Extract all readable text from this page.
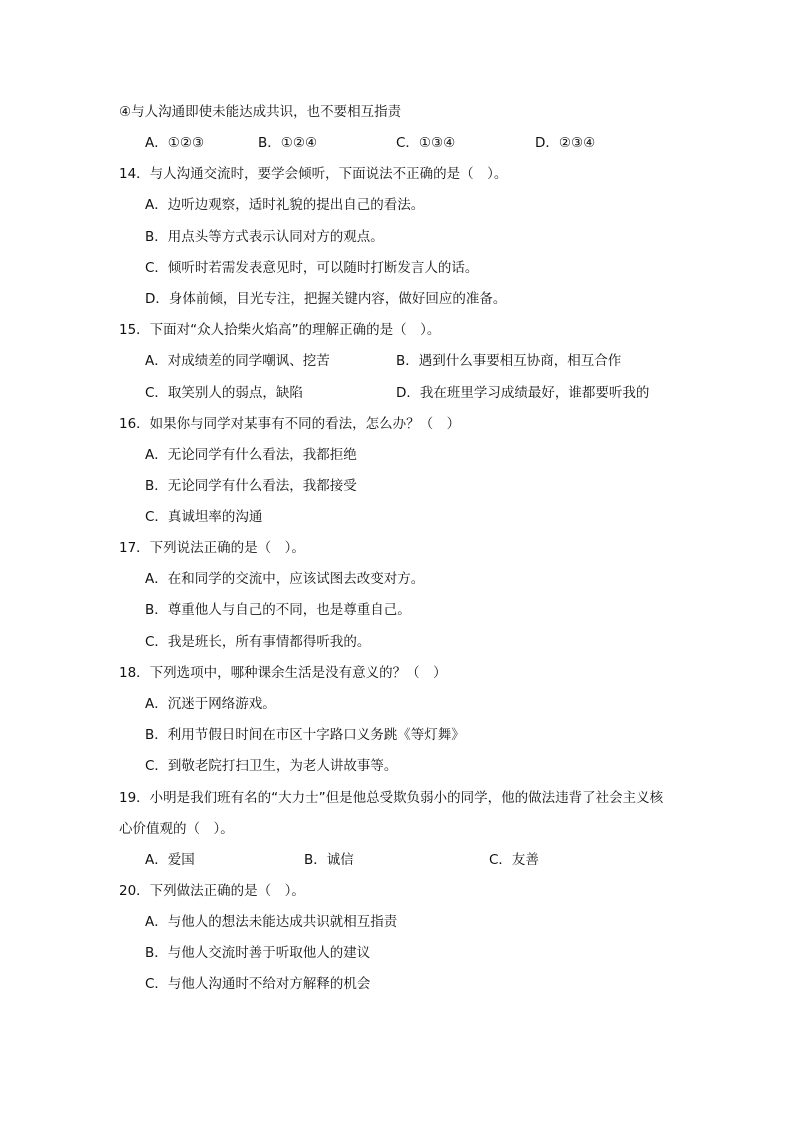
④与人沟通即使未能达成共识，也不要相互指责
A．①②③	B．①②④	C．①③④	D．②③④
14．与人沟通交流时，要学会倾听，下面说法不正确的是（　）。
A．边听边观察，适时礼貌的提出自己的看法。
B．用点头等方式表示认同对方的观点。
C．倾听时若需发表意见时，可以随时打断发言人的话。
D．身体前倾，目光专注，把握关键内容，做好回应的准备。
15．下面对“众人拾柴火焰高”的理解正确的是（　）。
A．对成绩差的同学嘲讽、挖苦	B．遇到什么事要相互协商，相互合作
C．取笑别人的弱点，缺陷	D．我在班里学习成绩最好，谁都要听我的
16．如果你与同学对某事有不同的看法，怎么办？（　）
A．无论同学有什么看法，我都拒绝
B．无论同学有什么看法，我都接受
C．真诚坦率的沟通
17．下列说法正确的是（　）。
A．在和同学的交流中，应该试图去改变对方。
B．尊重他人与自己的不同，也是尊重自己。
C．我是班长，所有事情都得听我的。
18．下列选项中，哪种课余生活是没有意义的？（　）
A．沉迷于网络游戏。
B．利用节假日时间在市区十字路口义务跳《等灯舞》
C．到敬老院打扫卫生，为老人讲故事等。
19．小明是我们班有名的“大力士”但是他总受欺负弱小的同学，他的做法违背了社会主义核
心价值观的（　）。
A．爱国	B．诚信	C．友善
20．下列做法正确的是（　）。
A．与他人的想法未能达成共识就相互指责
B．与他人交流时善于听取他人的建议
C．与他人沟通时不给对方解释的机会
